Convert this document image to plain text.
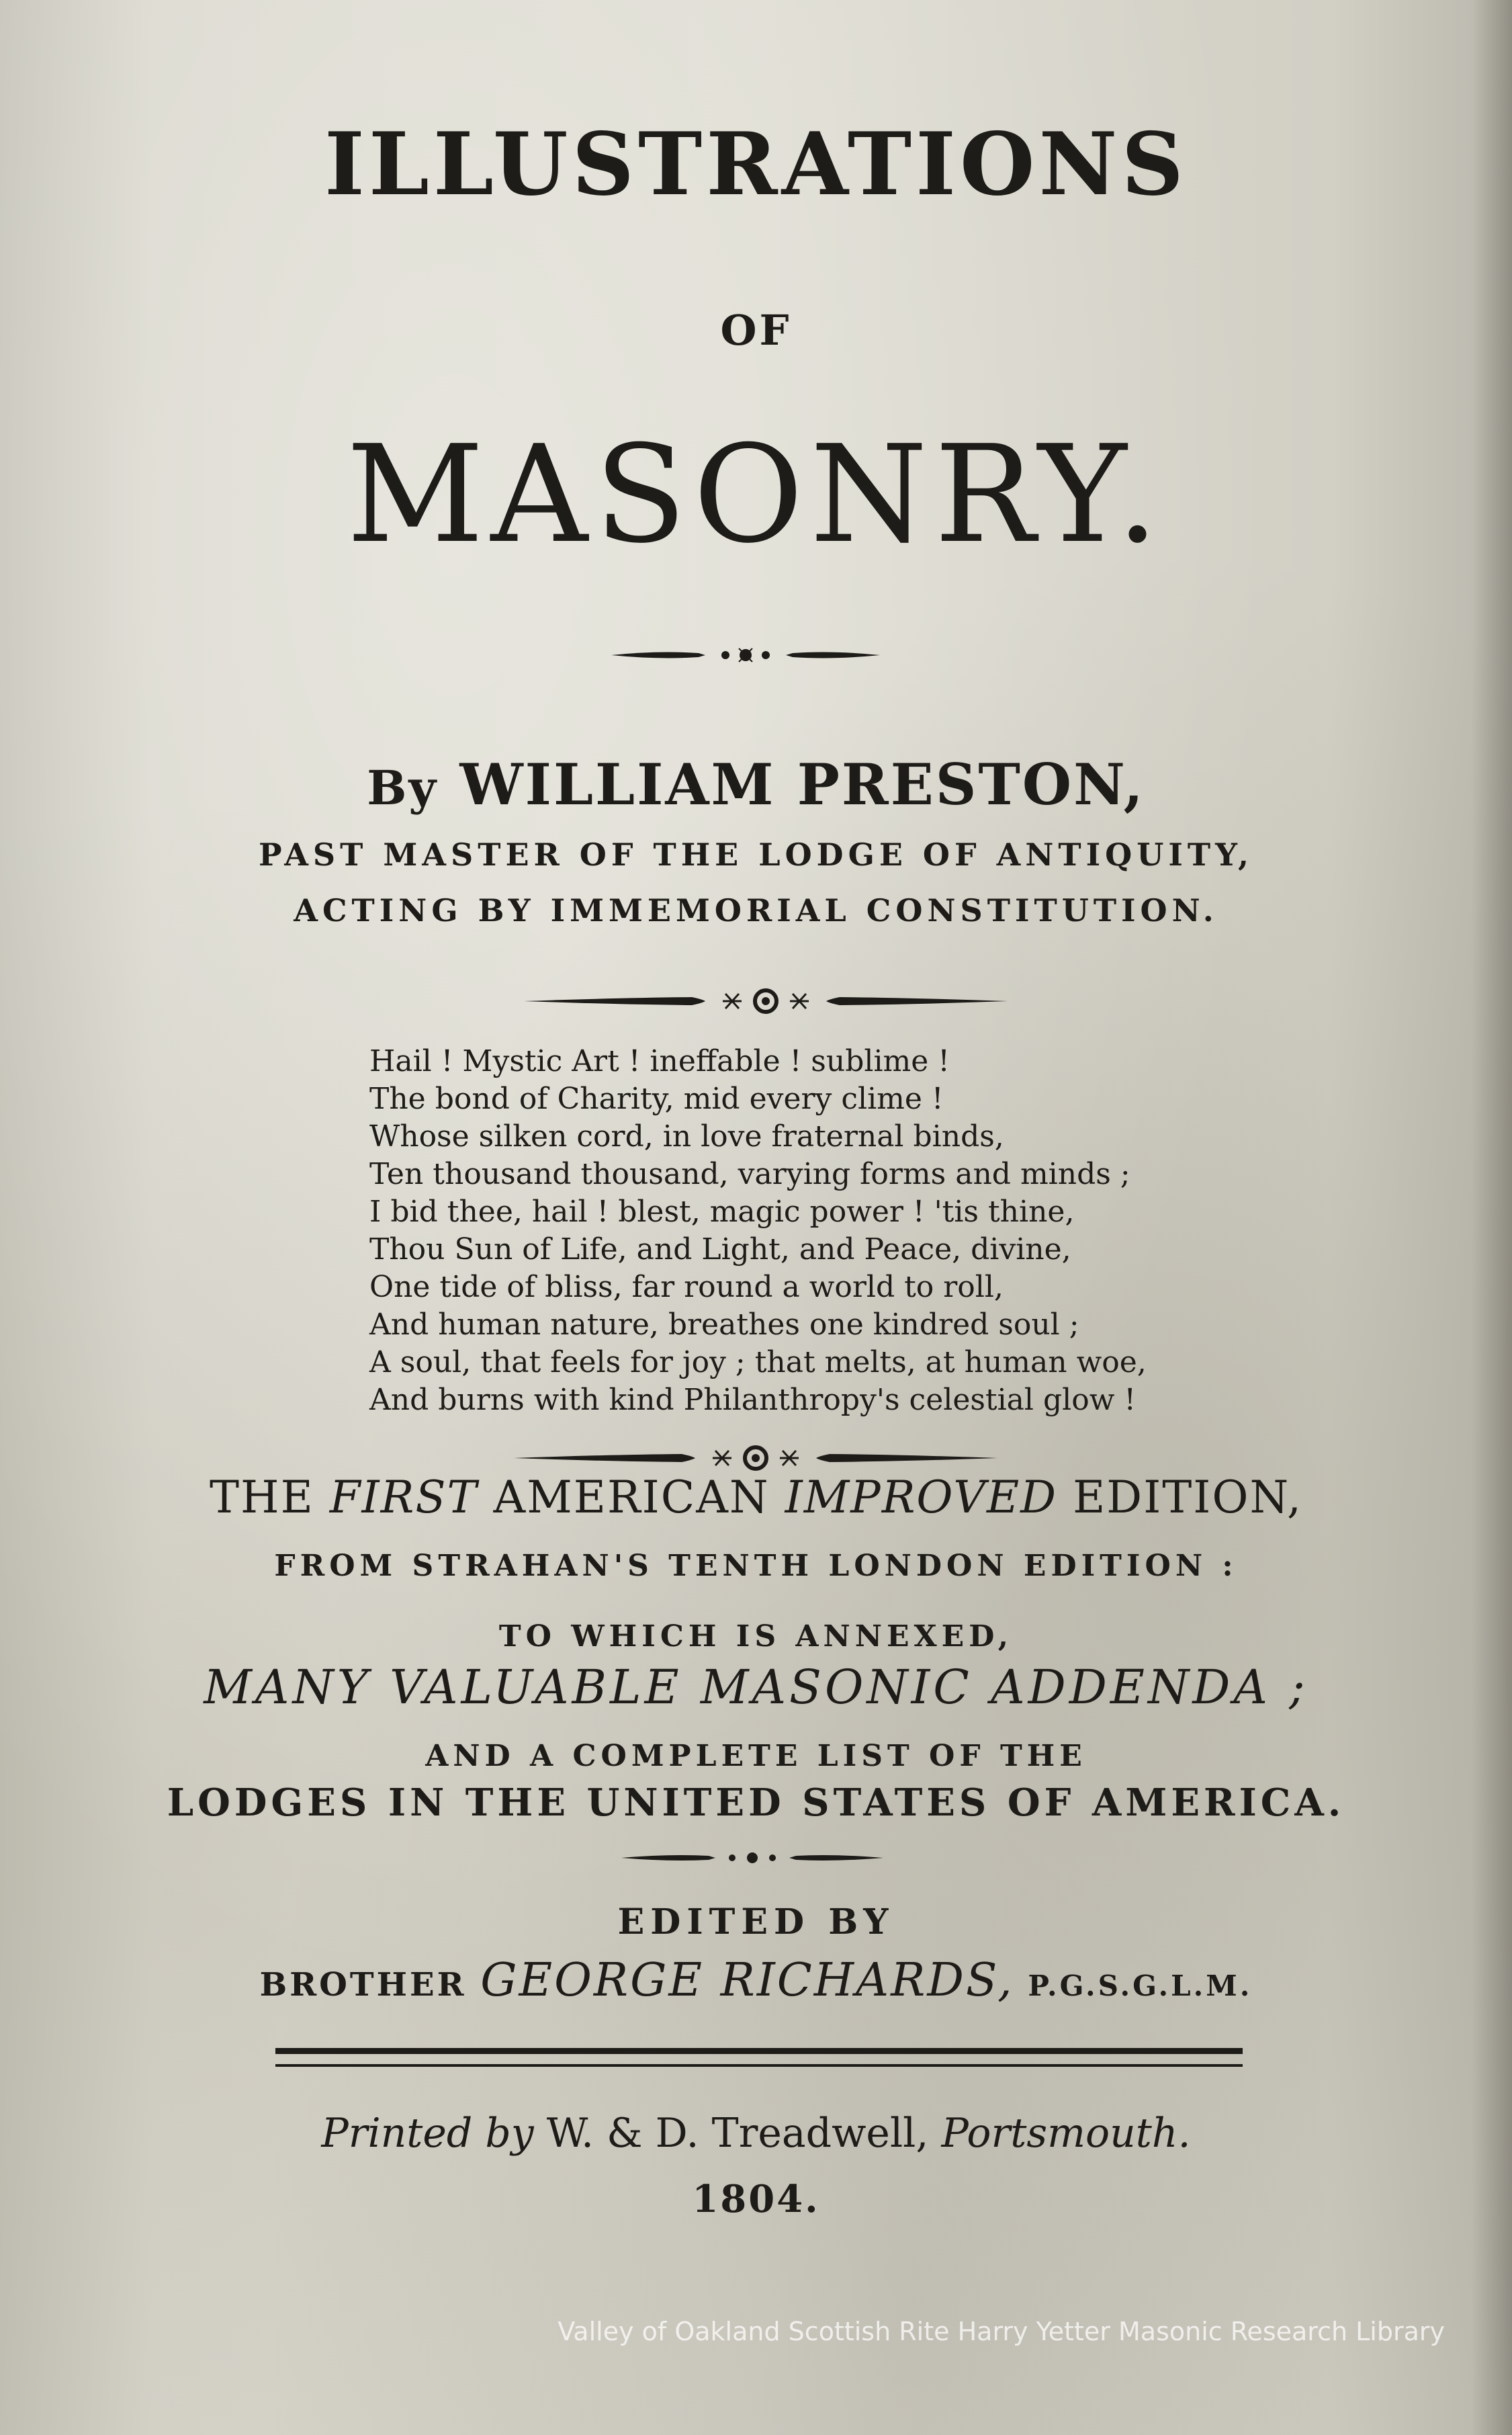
ILLUSTRATIONS
OF
MASONRY.
By WILLIAM PRESTON,
PAST MASTER OF THE LODGE OF ANTIQUITY,
ACTING BY IMMEMORIAL CONSTITUTION.
Hail ! Mystic Art ! ineffable ! sublime !
The bond of Charity, mid every clime !
Whose silken cord, in love fraternal binds,
Ten thousand thousand, varying forms and minds ;
I bid thee, hail ! blest, magic power ! 'tis thine,
Thou Sun of Life, and Light, and Peace, divine,
One tide of bliss, far round a world to roll,
And human nature, breathes one kindred soul ;
A soul, that feels for joy ; that melts, at human woe,
And burns with kind Philanthropy's celestial glow !
THE FIRST AMERICAN IMPROVED EDITION,
FROM STRAHAN'S TENTH LONDON EDITION :
TO WHICH IS ANNEXED,
MANY VALUABLE MASONIC ADDENDA ;
AND A COMPLETE LIST OF THE
LODGES IN THE UNITED STATES OF AMERICA.
EDITED BY
BROTHER GEORGE RICHARDS, P.G.S.G.L.M.
Printed by W. & D. Treadwell, Portsmouth.
1804.
Valley of Oakland Scottish Rite Harry Yetter Masonic Research Library
